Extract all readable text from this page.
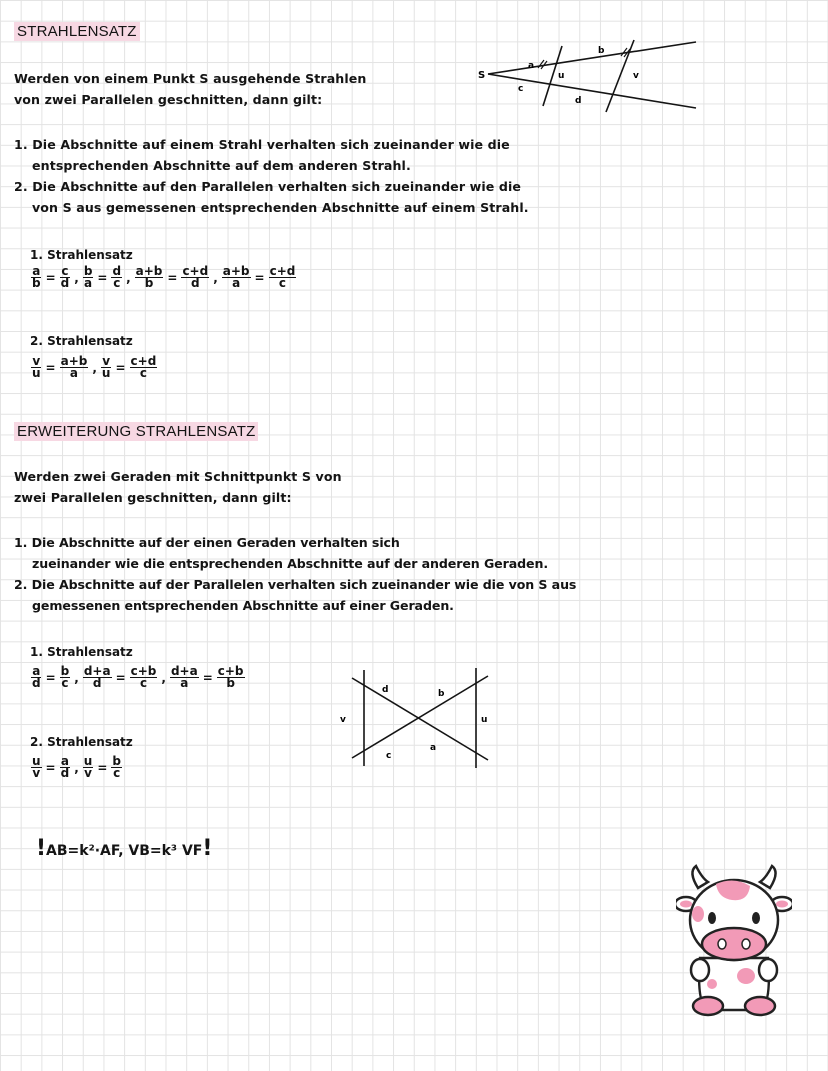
STRAHLENSATZ
Werden von einem Punkt S ausgehende Strahlen
von zwei Parallelen geschnitten, dann gilt:
1. Die Abschnitte auf einem Strahl verhalten sich zueinander wie die
entsprechenden Abschnitte auf dem anderen Strahl.
2. Die Abschnitte auf den Parallelen verhalten sich zueinander wie die
von S aus gemessenen entsprechenden Abschnitte auf einem Strahl.
S
a
b
c
d
u	v
1. Strahlensatz
$\frac{a}{b} = \frac{c}{d}$ , $\frac{b}{a} = \frac{d}{c}$ , $\frac{a+b}{b} = \frac{c+d}{d}$ , $\frac{a+b}{a} = \frac{c+d}{c}$
2. Strahlensatz
$\frac{v}{u} = \frac{a+b}{a}$ , $\frac{v}{u} = \frac{c+d}{c}$
ERWEITERUNG STRAHLENSATZ
Werden zwei Geraden mit Schnittpunkt S von
zwei Parallelen geschnitten, dann gilt:
1. Die Abschnitte auf der einen Geraden verhalten sich
zueinander wie die entsprechenden Abschnitte auf der anderen Geraden.
2. Die Abschnitte auf der Parallelen verhalten sich zueinander wie die von S aus
gemessenen entsprechenden Abschnitte auf einer Geraden.
1. Strahlensatz
$\frac{a}{d} = \frac{b}{c}$ , $\frac{d+a}{d} = \frac{c+b}{c}$ , $\frac{d+a}{a} = \frac{c+b}{b}$
2. Strahlensatz
$\frac{u}{v} = \frac{a}{d}$ , $\frac{u}{v} = \frac{b}{c}$
d	b
c
a
v	u
!AB=k²·AF, VB=k³ VF!
